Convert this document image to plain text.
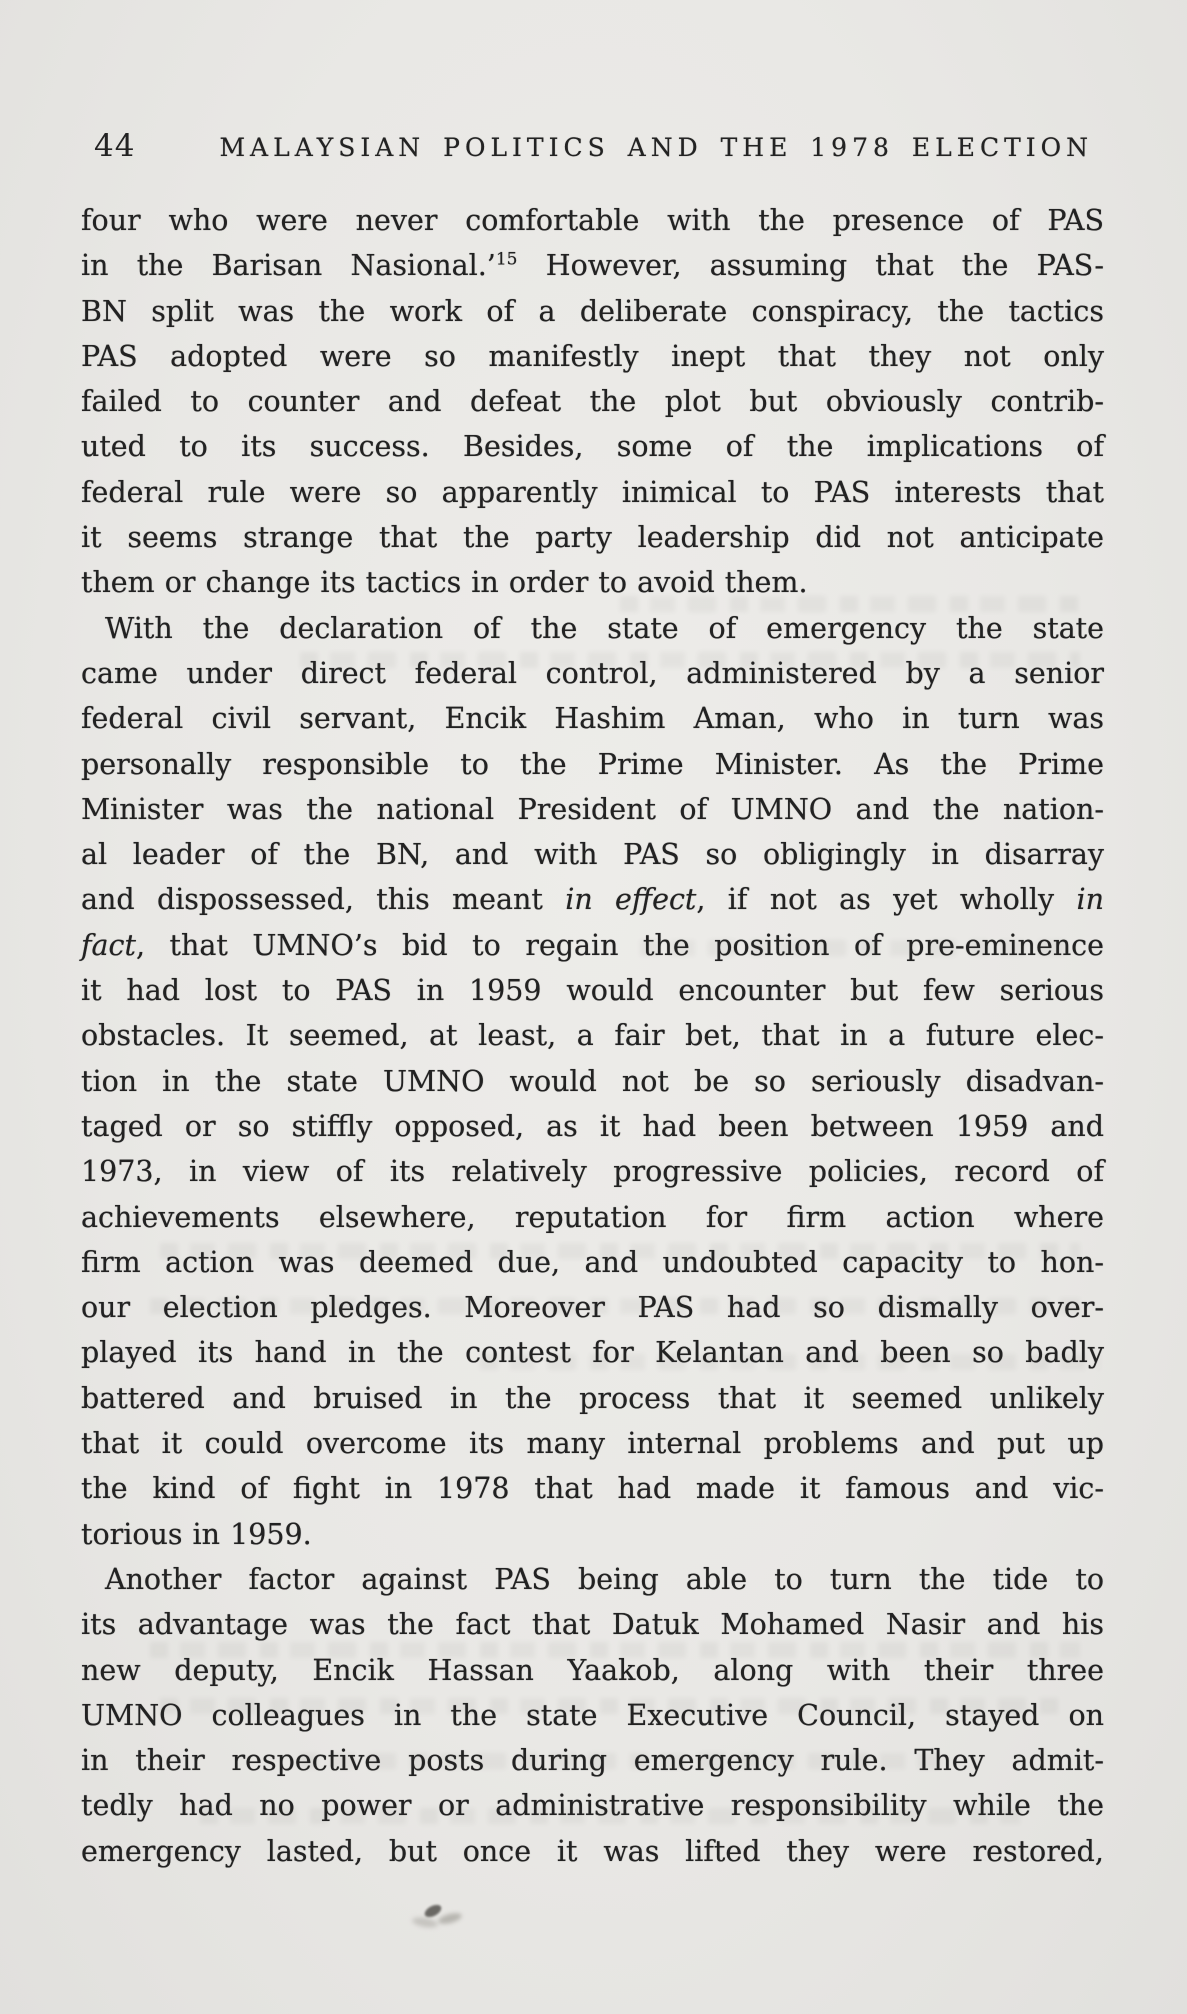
44	MALAYSIAN POLITICS AND THE 1978 ELECTION
four who were never comfortable with the presence of PAS
in the Barisan Nasional.’$^{15}$ However, assuming that the PAS-
BN split was the work of a deliberate conspiracy, the tactics
PAS adopted were so manifestly inept that they not only
failed to counter and defeat the plot but obviously contrib-
uted to its success. Besides, some of the implications of
federal rule were so apparently inimical to PAS interests that
it seems strange that the party leadership did not anticipate
them or change its tactics in order to avoid them.
With the declaration of the state of emergency the state
came under direct federal control, administered by a senior
federal civil servant, Encik Hashim Aman, who in turn was
personally responsible to the Prime Minister. As the Prime
Minister was the national President of UMNO and the nation-
al leader of the BN, and with PAS so obligingly in disarray
and dispossessed, this meant in effect, if not as yet wholly in
fact, that UMNO’s bid to regain the position of pre-eminence
it had lost to PAS in 1959 would encounter but few serious
obstacles. It seemed, at least, a fair bet, that in a future elec-
tion in the state UMNO would not be so seriously disadvan-
taged or so stiffly opposed, as it had been between 1959 and
1973, in view of its relatively progressive policies, record of
achievements elsewhere, reputation for firm action where
firm action was deemed due, and undoubted capacity to hon-
our election pledges. Moreover PAS had so dismally over-
played its hand in the contest for Kelantan and been so badly
battered and bruised in the process that it seemed unlikely
that it could overcome its many internal problems and put up
the kind of fight in 1978 that had made it famous and vic-
torious in 1959.
Another factor against PAS being able to turn the tide to
its advantage was the fact that Datuk Mohamed Nasir and his
new deputy, Encik Hassan Yaakob, along with their three
UMNO colleagues in the state Executive Council, stayed on
in their respective posts during emergency rule. They admit-
tedly had no power or administrative responsibility while the
emergency lasted, but once it was lifted they were restored,
